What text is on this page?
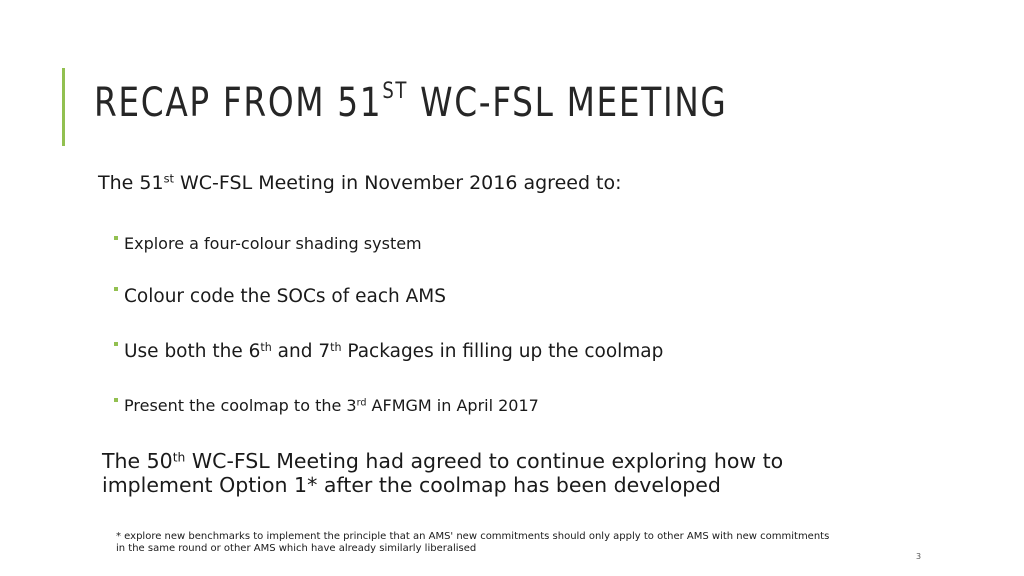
RECAP FROM 51ST WC-FSL MEETING
The 51st WC-FSL Meeting in November 2016 agreed to:
Explore a four-colour shading system
Colour code the SOCs of each AMS
Use both the 6th and 7th Packages in filling up the coolmap
Present the coolmap to the 3rd AFMGM in April 2017
The 50th WC-FSL Meeting had agreed to continue exploring how to
implement Option 1* after the coolmap has been developed
* explore new benchmarks to implement the principle that an AMS' new commitments should only apply to other AMS with new commitments
in the same round or other AMS which have already similarly liberalised
3
